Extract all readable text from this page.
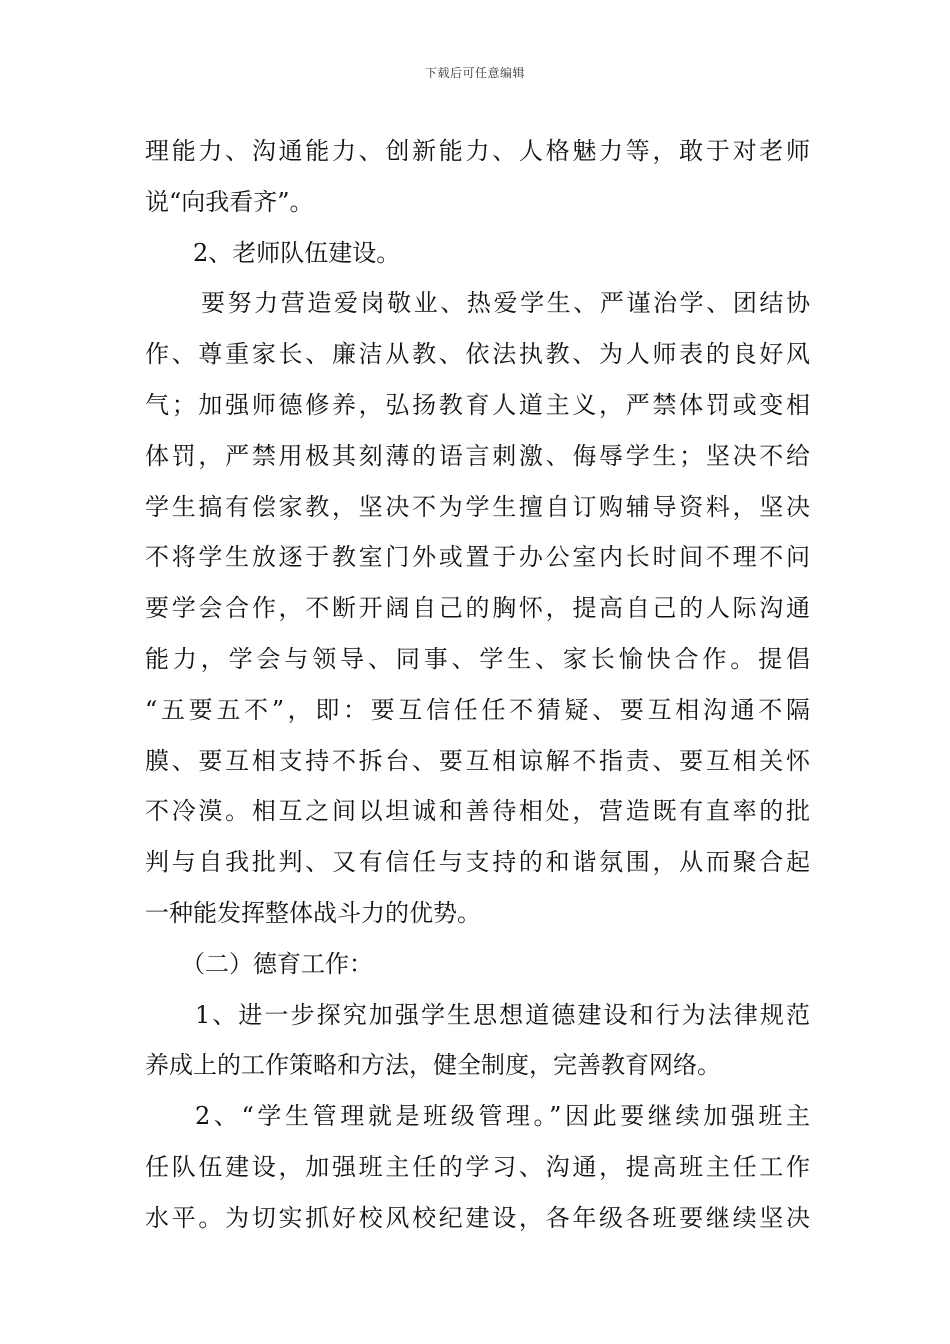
下载后可任意编辑
理能力、沟通能力、创新能力、人格魅力等，敢于对老师
说“向我看齐”。
2、老师队伍建设。
要努力营造爱岗敬业、热爱学生、严谨治学、团结协
作、尊重家长、廉洁从教、依法执教、为人师表的良好风
气；加强师德修养，弘扬教育人道主义，严禁体罚或变相
体罚，严禁用极其刻薄的语言刺激、侮辱学生；坚决不给
学生搞有偿家教，坚决不为学生擅自订购辅导资料，坚决
不将学生放逐于教室门外或置于办公室内长时间不理不问
要学会合作，不断开阔自己的胸怀，提高自己的人际沟通
能力，学会与领导、同事、学生、家长愉快合作。提倡
“五要五不”，即：要互信任任不猜疑、要互相沟通不隔
膜、要互相支持不拆台、要互相谅解不指责、要互相关怀
不冷漠。相互之间以坦诚和善待相处，营造既有直率的批
判与自我批判、又有信任与支持的和谐氛围，从而聚合起
一种能发挥整体战斗力的优势。
（二）德育工作：
1、进一步探究加强学生思想道德建设和行为法律规范
养成上的工作策略和方法，健全制度，完善教育网络。
2、“学生管理就是班级管理。”因此要继续加强班主
任队伍建设，加强班主任的学习、沟通，提高班主任工作
水平。为切实抓好校风校纪建设，各年级各班要继续坚决
